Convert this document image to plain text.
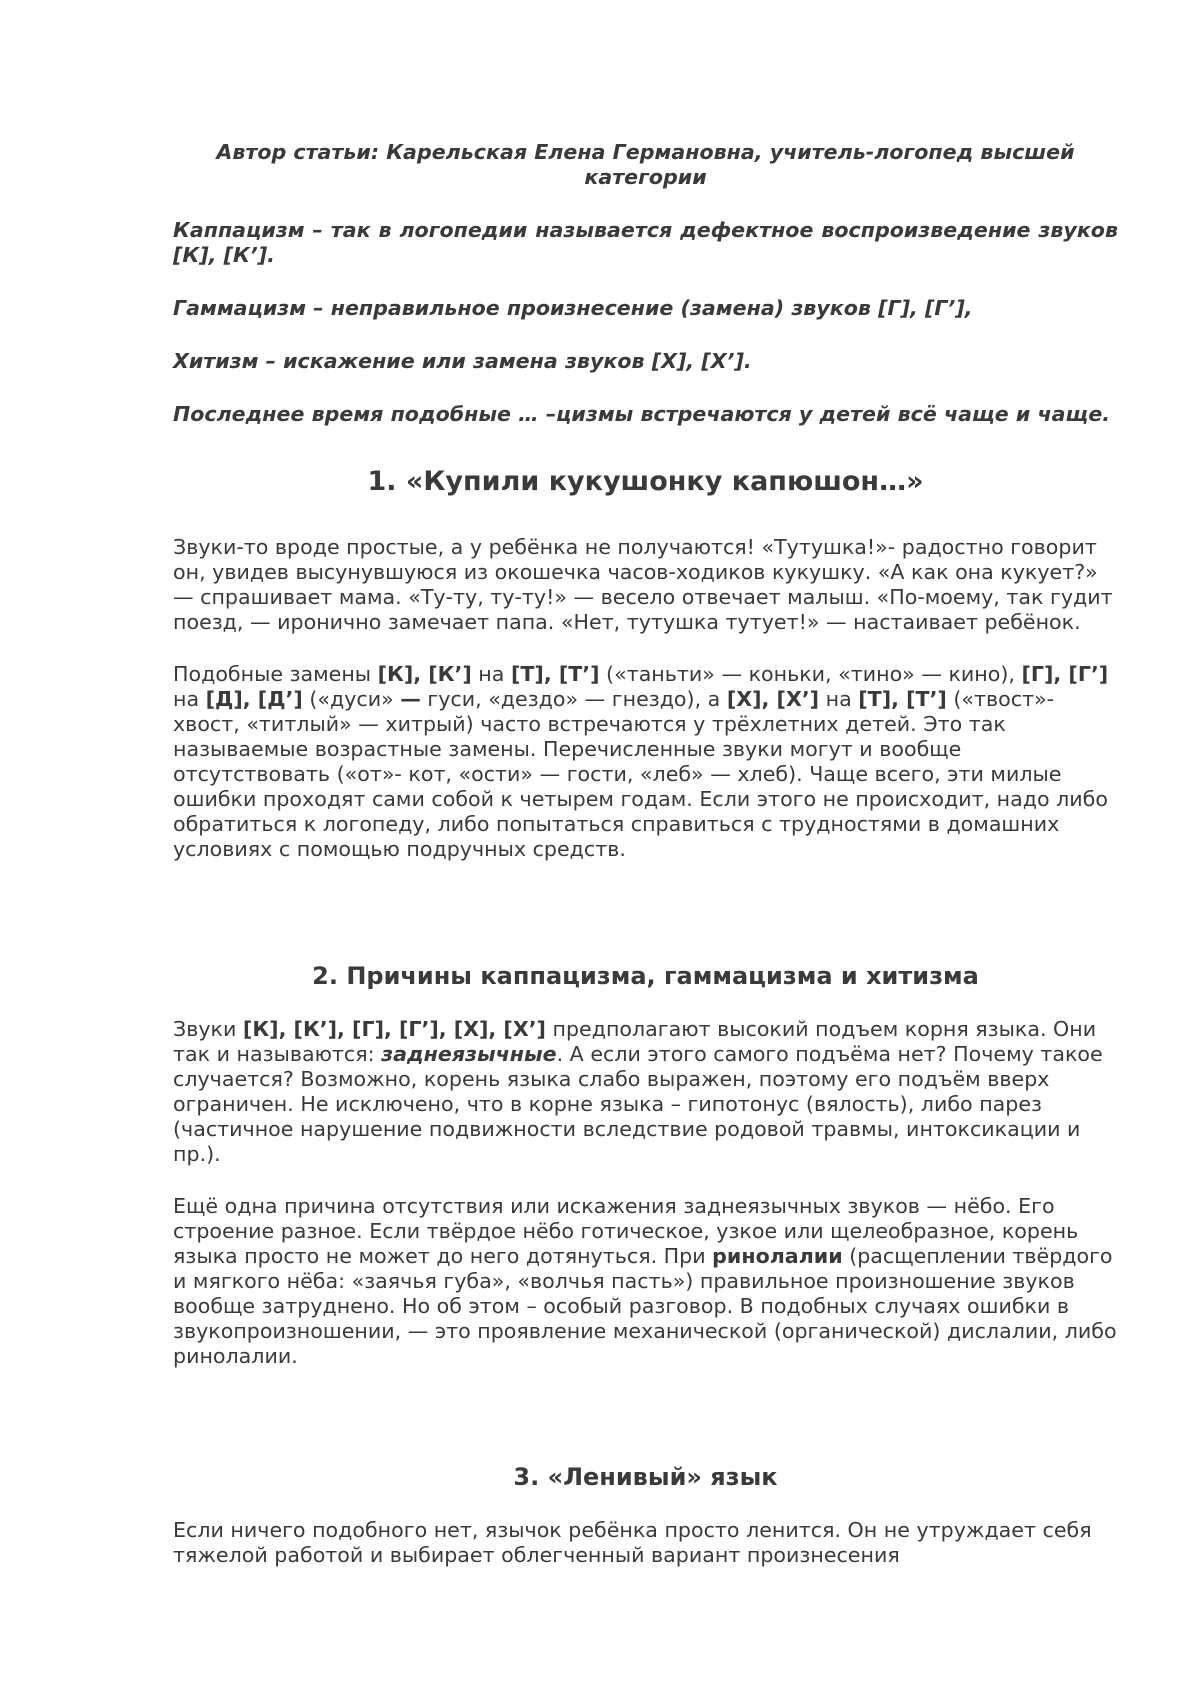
Автор статьи: Карельская Елена Германовна, учитель-логопед высшей категории

Каппацизм – так в логопедии называется дефектное воспроизведение звуков [К], [К’].

Гаммацизм – неправильное произнесение (замена) звуков [Г], [Г’],

Хитизм – искажение или замена звуков [Х], [Х’].

Последнее время подобные … –цизмы встречаются у детей всё чаще и чаще.

1. «Купили кукушонку капюшон…»

Звуки-то вроде простые, а у ребёнка не получаются! «Тутушка!»- радостно говорит он, увидев высунувшуюся из окошечка часов-ходиков кукушку. «А как она кукует?» — спрашивает мама. «Ту-ту, ту-ту!» — весело отвечает малыш. «По-моему, так гудит поезд, — иронично замечает папа. «Нет, тутушка тутует!» — настаивает ребёнок.

Подобные замены [К], [К’] на [Т], [Т’] («таньти» — коньки, «тино» — кино), [Г], [Г’] на [Д], [Д’] («дуси» — гуси, «дездо» — гнездо), а [Х], [Х’] на [Т], [Т’] («твост»-хвост, «титлый» — хитрый) часто встречаются у трёхлетних детей. Это так называемые возрастные замены. Перечисленные звуки могут и вообще отсутствовать («от»- кот, «ости» — гости, «леб» — хлеб). Чаще всего, эти милые ошибки проходят сами собой к четырем годам. Если этого не происходит, надо либо обратиться к логопеду, либо попытаться справиться с трудностями в домашних условиях с помощью подручных средств.

2. Причины каппацизма, гаммацизма и хитизма

Звуки [К], [К’], [Г], [Г’], [Х], [Х’] предполагают высокий подъем корня языка. Они так и называются: заднеязычные. А если этого самого подъёма нет? Почему такое случается? Возможно, корень языка слабо выражен, поэтому его подъём вверх ограничен. Не исключено, что в корне языка – гипотонус (вялость), либо парез (частичное нарушение подвижности вследствие родовой травмы, интоксикации и пр.).

Ещё одна причина отсутствия или искажения заднеязычных звуков — нёбо. Его строение разное. Если твёрдое нёбо готическое, узкое или щелеобразное, корень языка просто не может до него дотянуться. При ринолалии (расщеплении твёрдого и мягкого нёба: «заячья губа», «волчья пасть») правильное произношение звуков вообще затруднено. Но об этом – особый разговор. В подобных случаях ошибки в звукопроизношении, — это проявление механической (органической) дислалии, либо ринолалии.

3. «Ленивый» язык

Если ничего подобного нет, язычок ребёнка просто ленится. Он не утруждает себя тяжелой работой и выбирает облегченный вариант произнесения
